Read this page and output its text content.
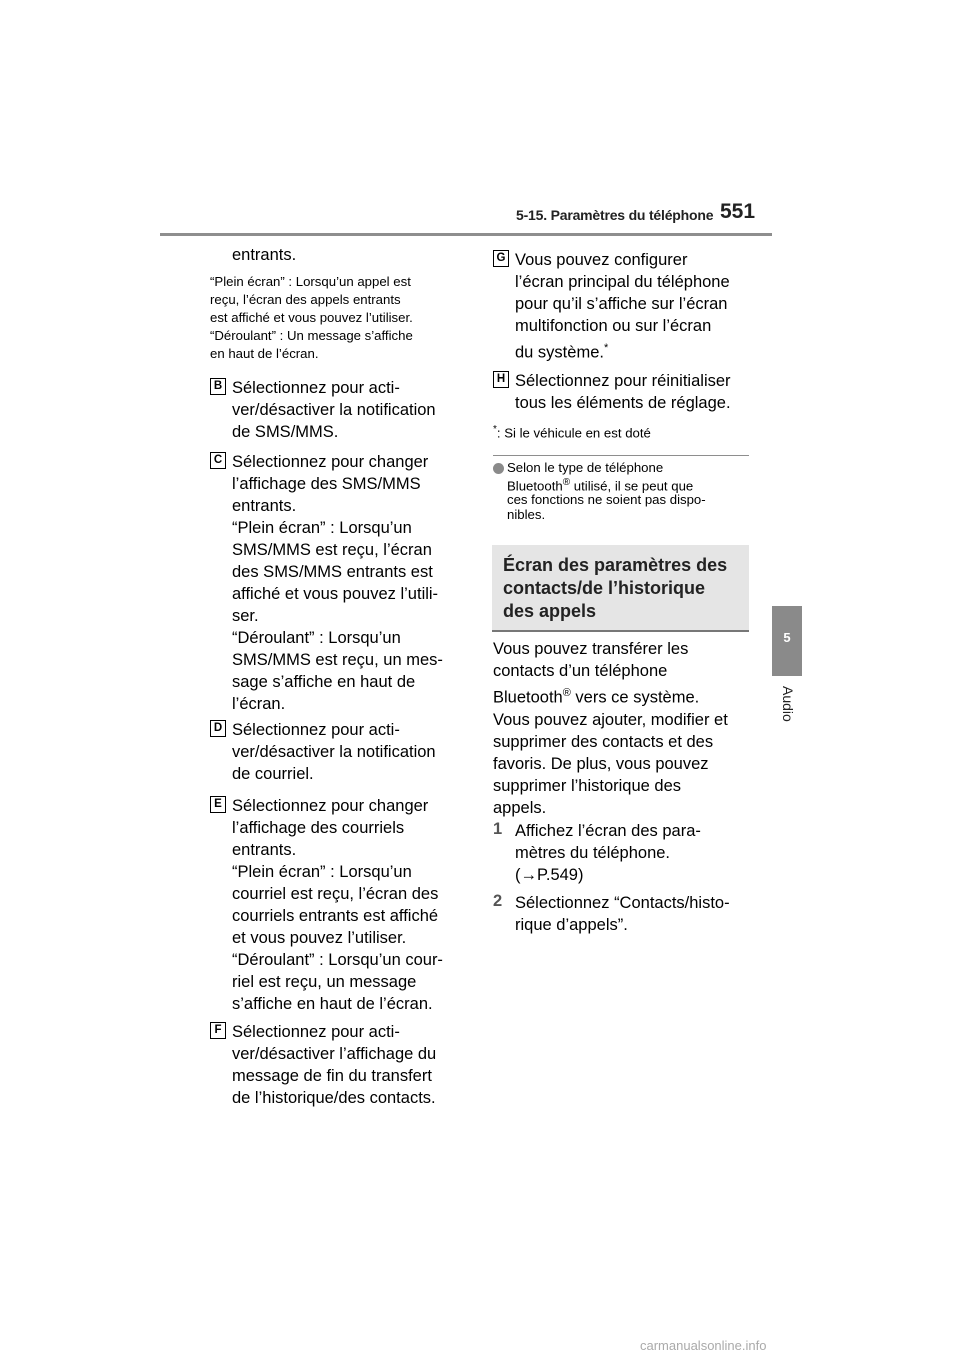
5-15. Paramètres du téléphone 551
5
Audio
entrants.
“Plein écran” : Lorsqu’un appel est
reçu, l’écran des appels entrants
est affiché et vous pouvez l’utiliser.
“Déroulant” : Un message s’affiche
en haut de l’écran.
B Sélectionnez pour acti-
ver/désactiver la notification
de SMS/MMS.
C Sélectionnez pour changer
l’affichage des SMS/MMS
entrants.
“Plein écran” : Lorsqu’un
SMS/MMS est reçu, l’écran
des SMS/MMS entrants est
affiché et vous pouvez l’utili-
ser.
“Déroulant” : Lorsqu’un
SMS/MMS est reçu, un mes-
sage s’affiche en haut de
l’écran.
D Sélectionnez pour acti-
ver/désactiver la notification
de courriel.
E Sélectionnez pour changer
l’affichage des courriels
entrants.
“Plein écran” : Lorsqu’un
courriel est reçu, l’écran des
courriels entrants est affiché
et vous pouvez l’utiliser.
“Déroulant” : Lorsqu’un cour-
riel est reçu, un message
s’affiche en haut de l’écran.
F Sélectionnez pour acti-
ver/désactiver l’affichage du
message de fin du transfert
de l’historique/des contacts.
G Vous pouvez configurer
l’écran principal du téléphone
pour qu’il s’affiche sur l’écran
multifonction ou sur l’écran
du système.*
H Sélectionnez pour réinitialiser
tous les éléments de réglage.
*: Si le véhicule en est doté
Selon le type de téléphone
Bluetooth® utilisé, il se peut que
ces fonctions ne soient pas dispo-
nibles.
Écran des paramètres des
contacts/de l’historique
des appels
Vous pouvez transférer les
contacts d’un téléphone
Bluetooth® vers ce système.
Vous pouvez ajouter, modifier et
supprimer des contacts et des
favoris. De plus, vous pouvez
supprimer l’historique des
appels.
1 Affichez l’écran des para-
mètres du téléphone.
(→P.549)
2 Sélectionnez “Contacts/histo-
rique d’appels”.
carmanualsonline.info
